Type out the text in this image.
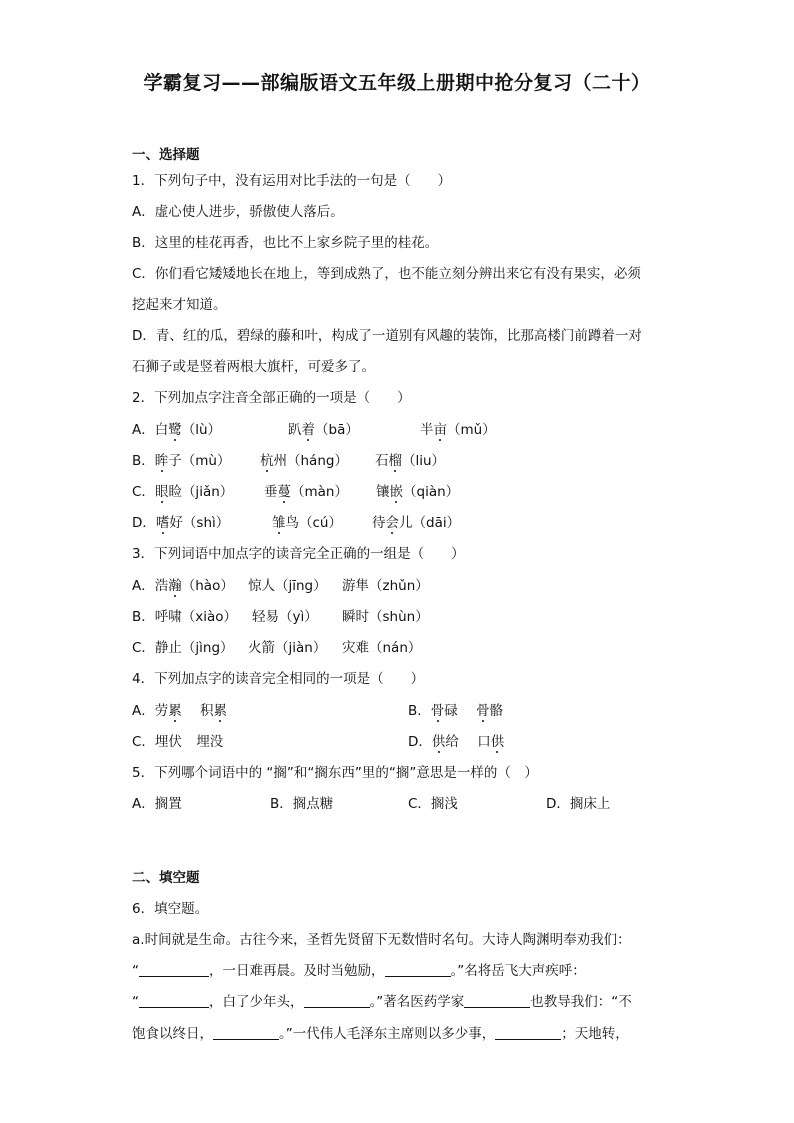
学霸复习——部编版语文五年级上册期中抢分复习（二十）
一、选择题
1．下列句子中，没有运用对比手法的一句是（　　）
A．虚心使人进步，骄傲使人落后。
B．这里的桂花再香，也比不上家乡院子里的桂花。
C．你们看它矮矮地长在地上，等到成熟了，也不能立刻分辨出来它有没有果实，必须
挖起来才知道。
D．青、红的瓜，碧绿的藤和叶，构成了一道别有风趣的装饰，比那高楼门前蹲着一对
石狮子或是竖着两根大旗杆，可爱多了。
2．下列加点字注音全部正确的一项是（　　）
A．白鹭（lù）	趴着（bā）	半亩（mǔ）
B．眸子（mù） 杭州（háng） 石榴（liu）
C．眼睑（jiǎn） 垂蔓（màn） 镶嵌（qiàn）
D．嗜好（shì）	雏鸟（cú） 待会儿（dāi）
3．下列词语中加点字的读音完全正确的一组是（　　）
A．浩瀚（hào） 惊人（jīng） 游隼（zhǔn）
B．呼啸（xiào） 轻易（yì） 瞬时（shùn）
C．静止（jìng） 火箭（jiàn） 灾难（nán）
4．下列加点字的读音完全相同的一项是（　　）
A．劳累 积累	B．骨碌 骨骼
C．埋伏 埋没	D．供给 口供
5．下列哪个词语中的 “搁”和“搁东西”里的“搁”意思是一样的（　）
A．搁置	B．搁点糖	C．搁浅	D．搁床上
二、填空题
6．填空题。
a.时间就是生命。古往今来，圣哲先贤留下无数惜时名句。大诗人陶渊明奉劝我们：
“	，一日难再晨。及时当勉励，	。”名将岳飞大声疾呼：
“	，白了少年头，	。”著名医药学家	也教导我们：“不
饱食以终日，	。”一代伟人毛泽东主席则以多少事，	；天地转，
